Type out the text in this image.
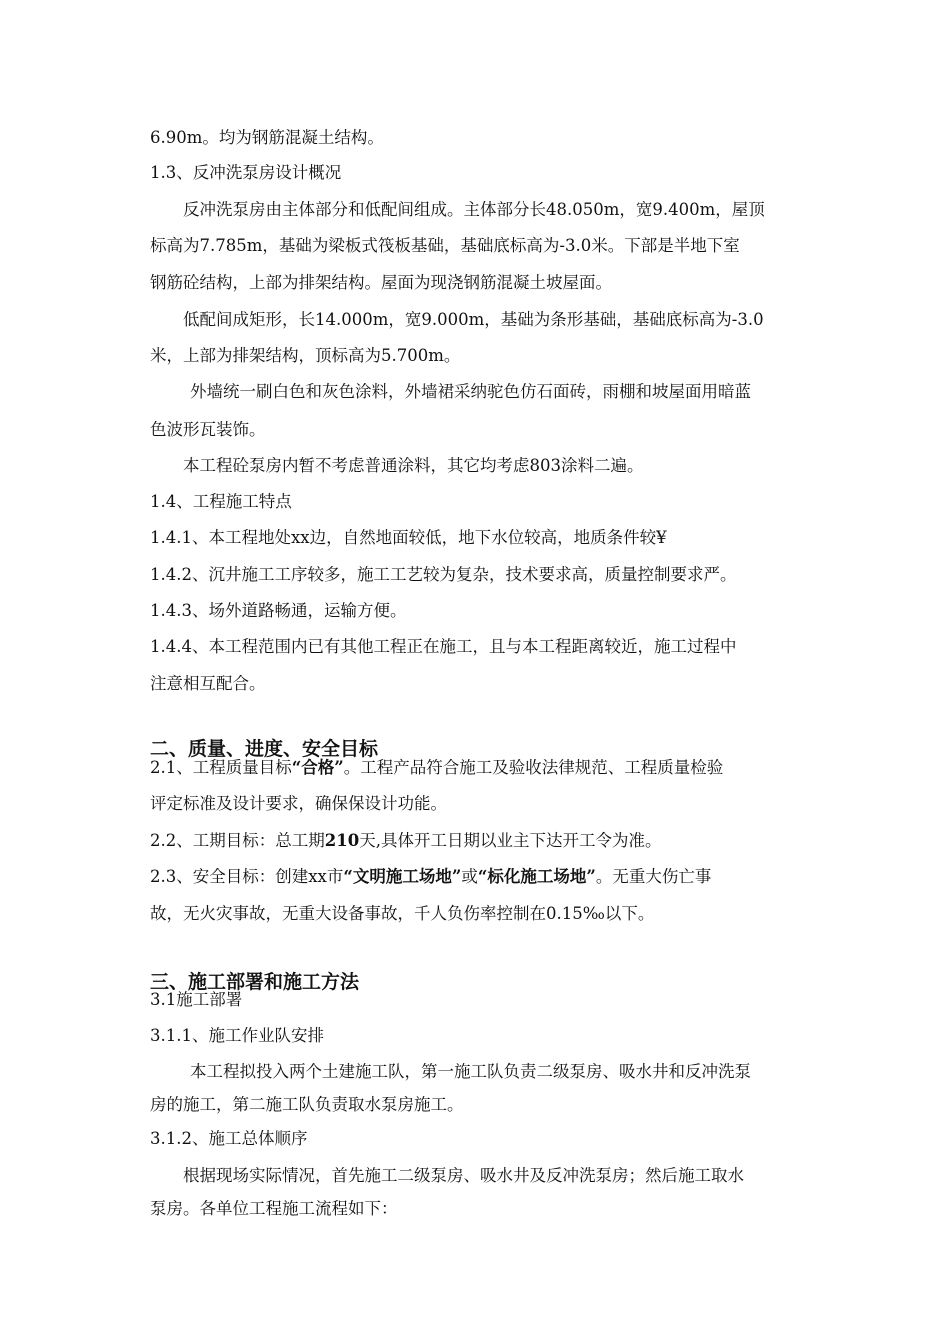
6.90m。均为钢筋混凝土结构。

1.3、反冲洗泵房设计概况

反冲洗泵房由主体部分和低配间组成。主体部分长48.050m，宽9.400m，屋顶

标高为7.785m，基础为梁板式筏板基础，基础底标高为-3.0米。下部是半地下室

钢筋砼结构，上部为排架结构。屋面为现浇钢筋混凝土坡屋面。

低配间成矩形，长14.000m，宽9.000m，基础为条形基础，基础底标高为-3.0

米，上部为排架结构，顶标高为5.700m。

外墙统一刷白色和灰色涂料，外墙裙采纳驼色仿石面砖，雨棚和坡屋面用暗蓝

色波形瓦装饰。

本工程砼泵房内暂不考虑普通涂料，其它均考虑803涂料二遍。

1.4、工程施工特点

1.4.1、本工程地处xx边，自然地面较低，地下水位较高，地质条件较¥

1.4.2、沉井施工工序较多，施工工艺较为复杂，技术要求高，质量控制要求严。

1.4.3、场外道路畅通，运输方便。

1.4.4、本工程范围内已有其他工程正在施工，且与本工程距离较近，施工过程中

注意相互配合。

二、质量、进度、安全目标

2.1、工程质量目标“合格”。工程产品符合施工及验收法律规范、工程质量检验

评定标准及设计要求，确保保设计功能。

2.2、工期目标：总工期210天,具体开工日期以业主下达开工令为准。

2.3、安全目标：创建xx市“文明施工场地”或“标化施工场地”。无重大伤亡事

故，无火灾事故，无重大设备事故，千人负伤率控制在0.15‰以下。

三、施工部署和施工方法

3.1施工部署

3.1.1、施工作业队安排

本工程拟投入两个土建施工队，第一施工队负责二级泵房、吸水井和反冲洗泵

房的施工，第二施工队负责取水泵房施工。

3.1.2、施工总体顺序

根据现场实际情况，首先施工二级泵房、吸水井及反冲洗泵房；然后施工取水

泵房。各单位工程施工流程如下：
